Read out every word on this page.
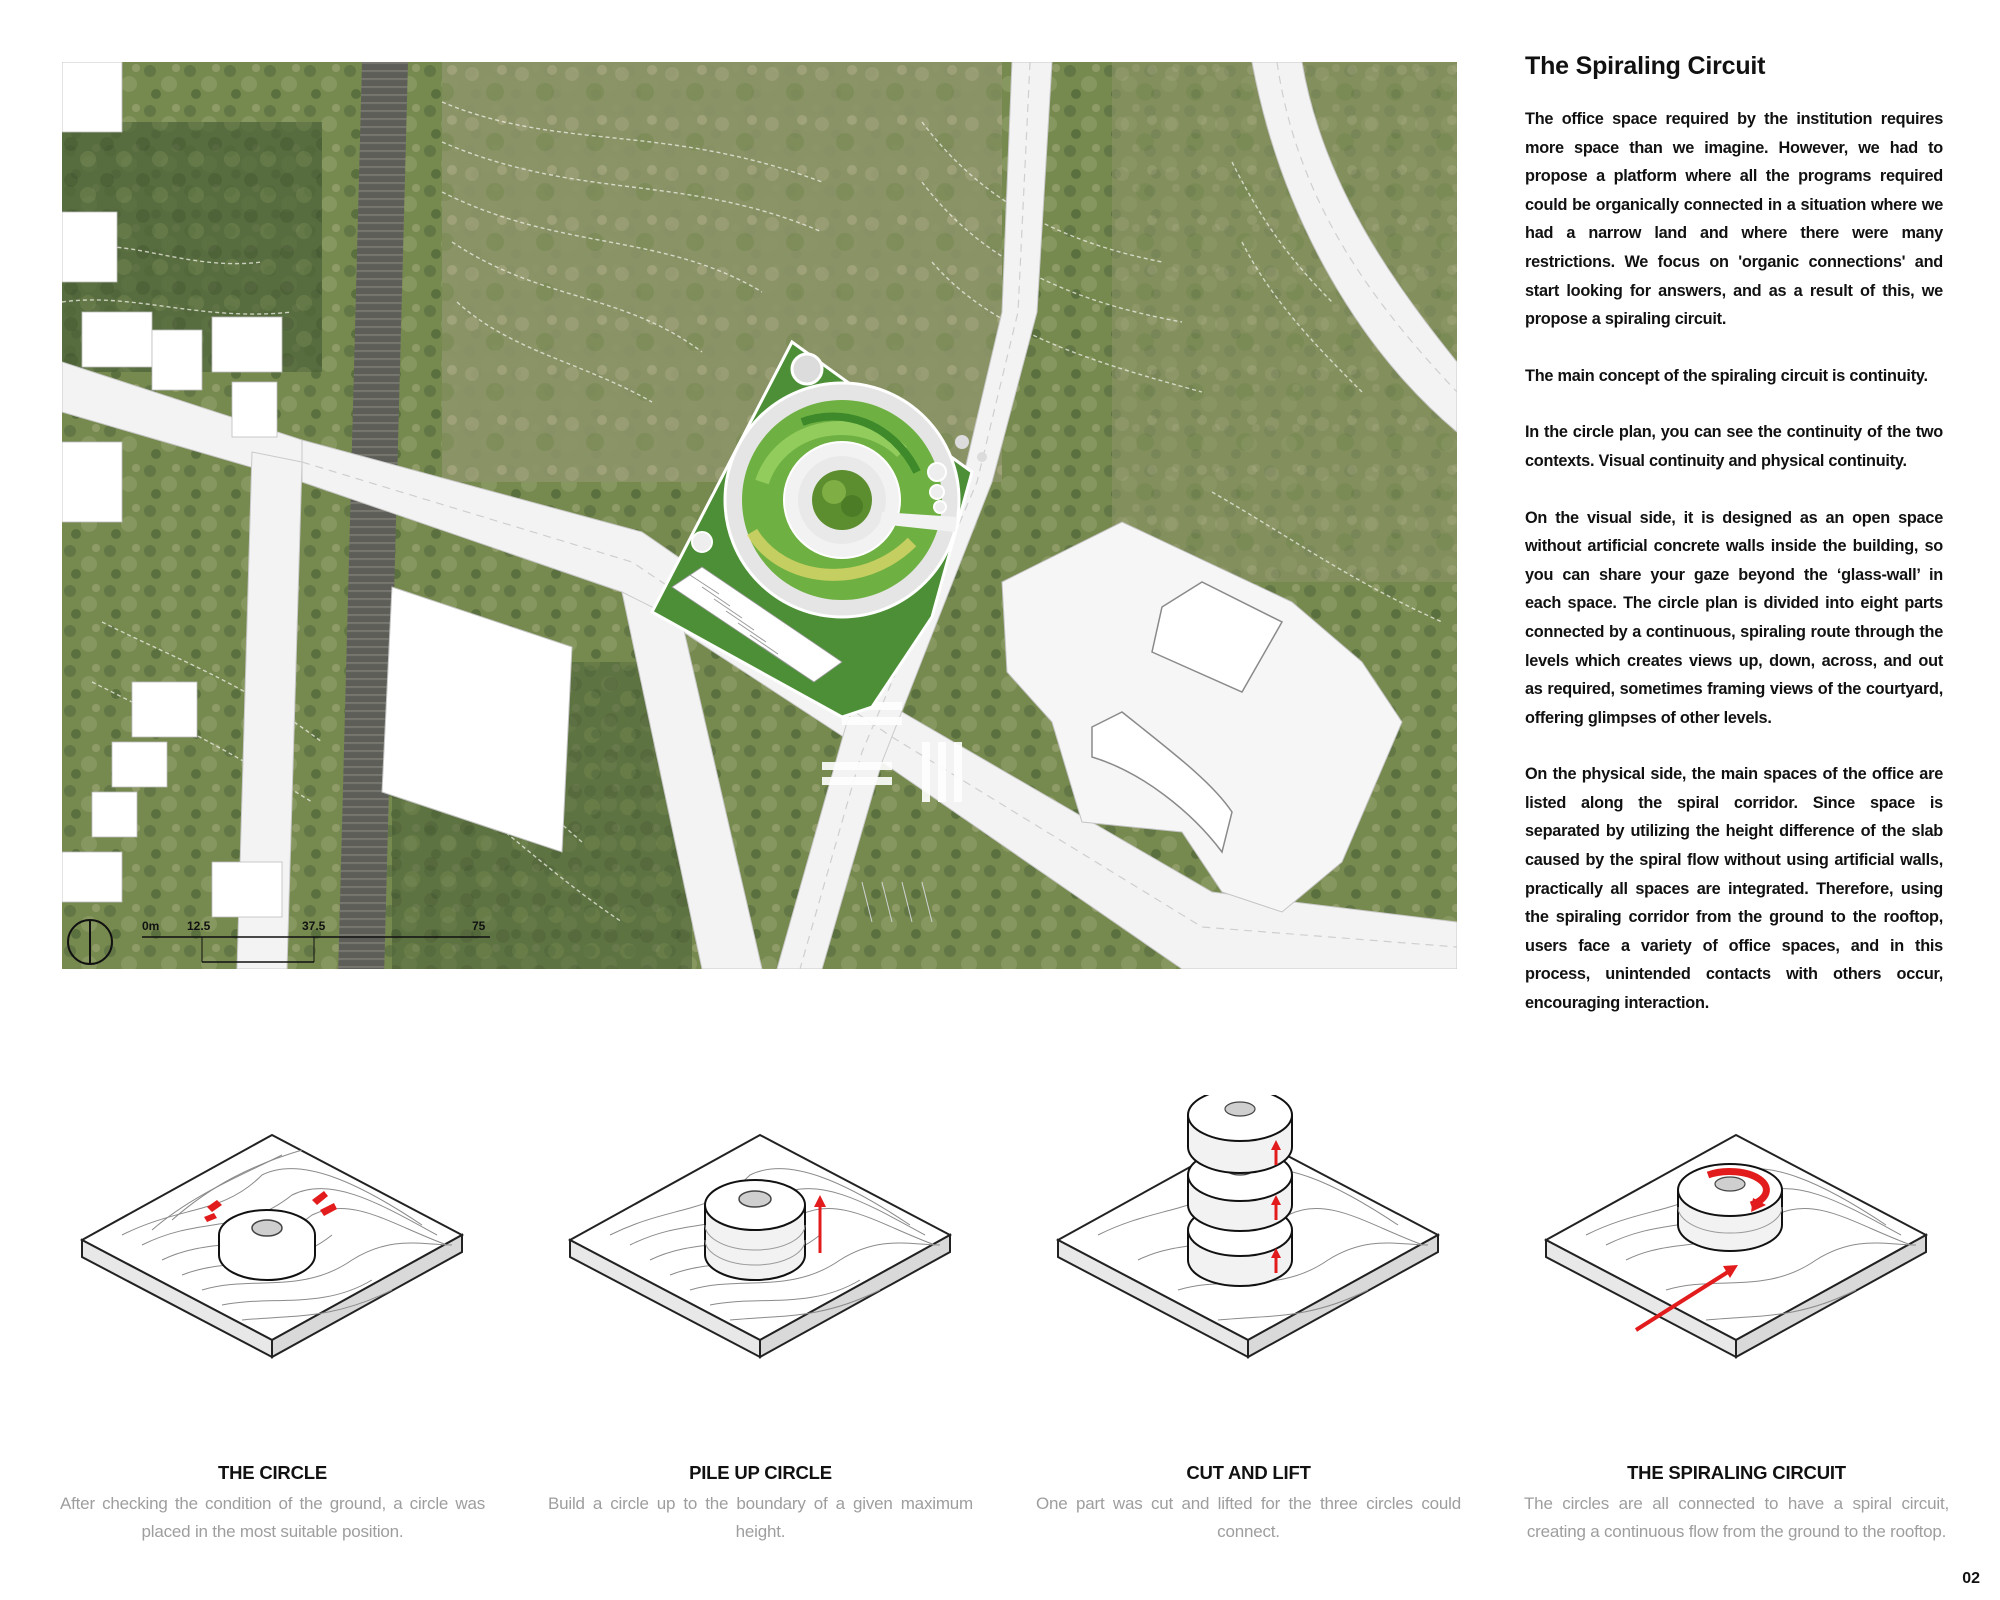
0m 12.5	37.5	75
The Spiraling Circuit

The office space required by the institution requires more space than we imagine. However, we had to propose a platform where all the programs required could be organically connected in a situation where we had a narrow land and where there were many restrictions. We focus on 'organic connections' and start looking for answers, and as a result of this, we propose a spiraling circuit.

The main concept of the spiraling circuit is continuity.

In the circle plan, you can see the continuity of the two contexts. Visual continuity and physical continuity.

On the visual side, it is designed as an open space without artificial concrete walls inside the building, so you can share your gaze beyond the ‘glass-wall’ in each space. The circle plan is divided into eight parts connected by a continuous, spiraling route through the levels which creates views up, down, across, and out as required, sometimes framing views of the courtyard, offering glimpses of other levels.

On the physical side, the main spaces of the office are listed along the spiral corridor. Since space is separated by utilizing the height difference of the slab caused by the spiral flow without using artificial walls, practically all spaces are integrated. Therefore, using the spiraling corridor from the ground to the rooftop, users face a variety of office spaces, and in this process, unintended contacts with others occur, encouraging interaction.

THE CIRCLE

After checking the condition of the ground, a circle was placed in the most suitable position.

PILE UP CIRCLE

Build a circle up to the boundary of a given maximum height.

CUT AND LIFT

One part was cut and lifted for the three circles could connect.

THE SPIRALING CIRCUIT

The circles are all connected to have a spiral circuit, creating a continuous flow from the ground to the rooftop.

02
